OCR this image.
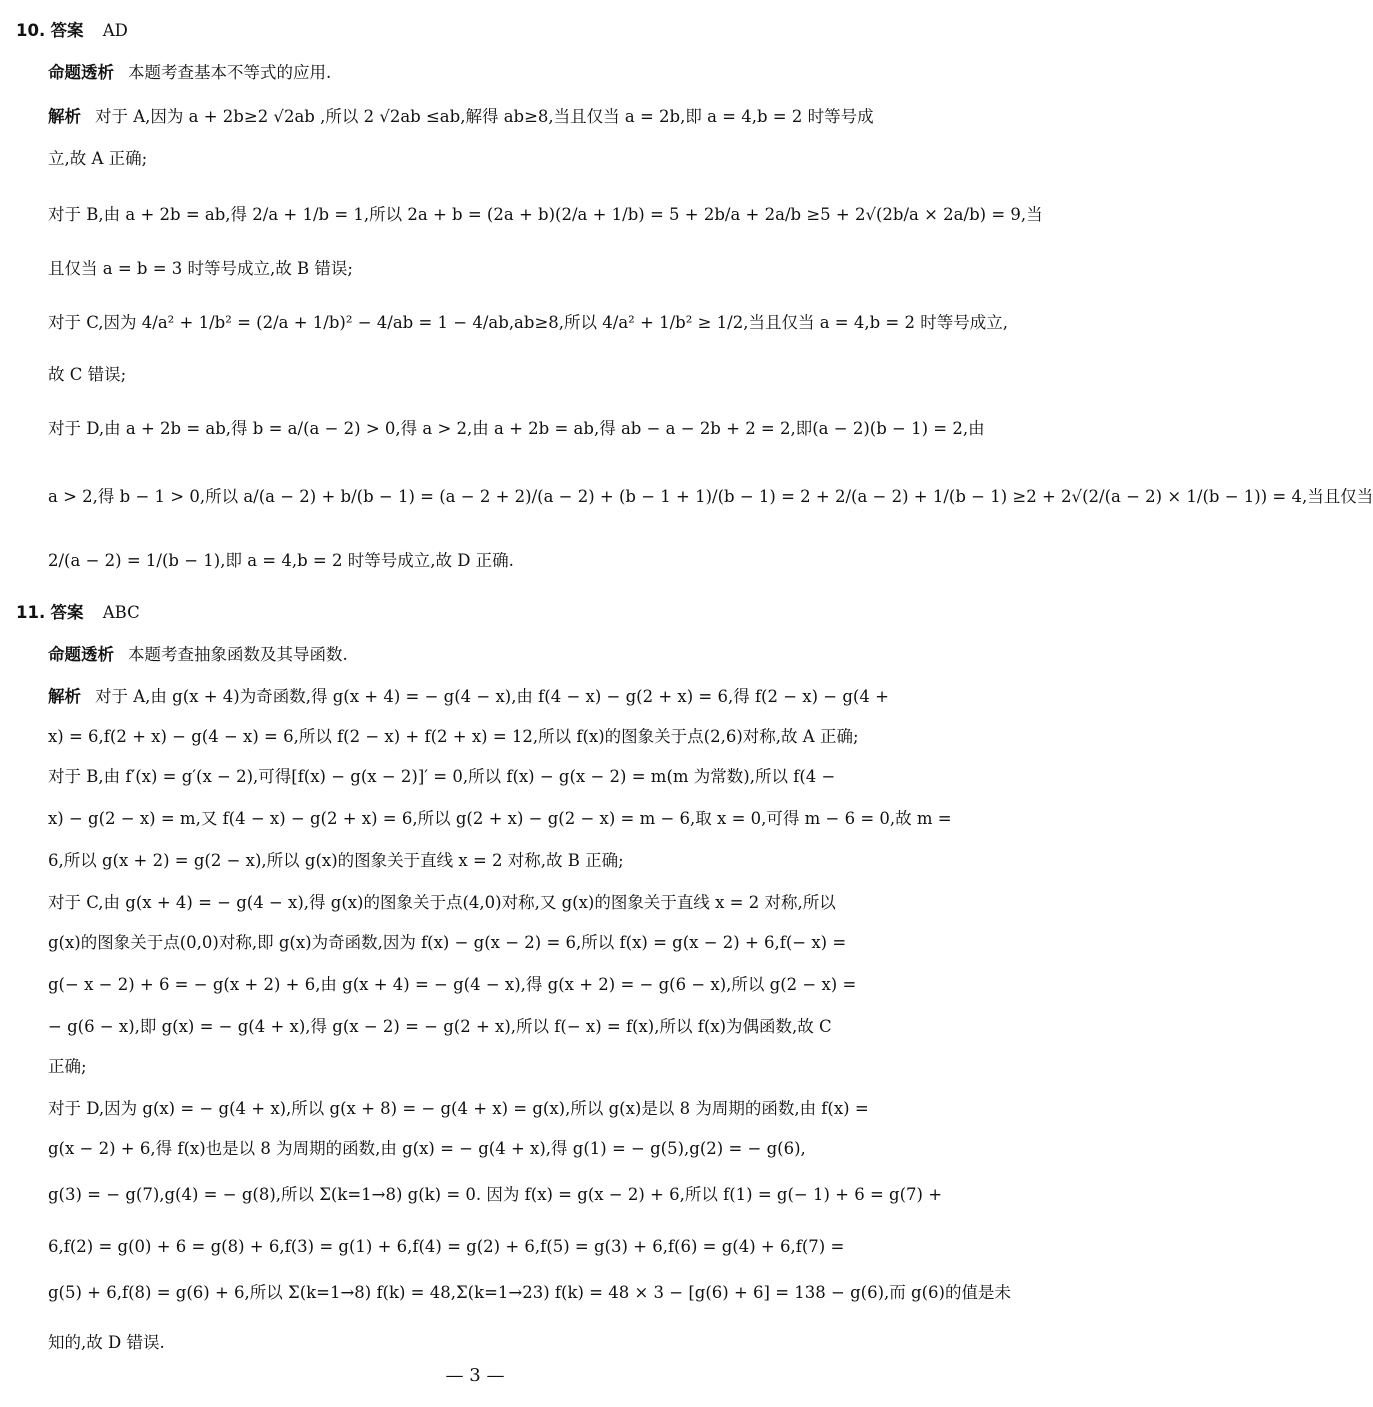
10. 答案 AD
命题透析 本题考查基本不等式的应用.
解析 对于 A,因为 a + 2b≥2 √2ab ,所以 2 √2ab ≤ab,解得 ab≥8,当且仅当 a = 2b,即 a = 4,b = 2 时等号成
立,故 A 正确;
对于 B,由 a + 2b = ab,得 2/a + 1/b = 1,所以 2a + b = (2a + b)(2/a + 1/b) = 5 + 2b/a + 2a/b ≥5 + 2√(2b/a × 2a/b) = 9,当
且仅当 a = b = 3 时等号成立,故 B 错误;
对于 C,因为 4/a² + 1/b² = (2/a + 1/b)² − 4/ab = 1 − 4/ab,ab≥8,所以 4/a² + 1/b² ≥ 1/2,当且仅当 a = 4,b = 2 时等号成立,
故 C 错误;
对于 D,由 a + 2b = ab,得 b = a/(a − 2) > 0,得 a > 2,由 a + 2b = ab,得 ab − a − 2b + 2 = 2,即(a − 2)(b − 1) = 2,由
a > 2,得 b − 1 > 0,所以 a/(a − 2) + b/(b − 1) = (a − 2 + 2)/(a − 2) + (b − 1 + 1)/(b − 1) = 2 + 2/(a − 2) + 1/(b − 1) ≥2 + 2√(2/(a − 2) × 1/(b − 1)) = 4,当且仅当
2/(a − 2) = 1/(b − 1),即 a = 4,b = 2 时等号成立,故 D 正确.
11. 答案 ABC
命题透析 本题考查抽象函数及其导函数.
解析 对于 A,由 g(x + 4)为奇函数,得 g(x + 4) = − g(4 − x),由 f(4 − x) − g(2 + x) = 6,得 f(2 − x) − g(4 +
x) = 6,f(2 + x) − g(4 − x) = 6,所以 f(2 − x) + f(2 + x) = 12,所以 f(x)的图象关于点(2,6)对称,故 A 正确;
对于 B,由 f′(x) = g′(x − 2),可得[f(x) − g(x − 2)]′ = 0,所以 f(x) − g(x − 2) = m(m 为常数),所以 f(4 −
x) − g(2 − x) = m,又 f(4 − x) − g(2 + x) = 6,所以 g(2 + x) − g(2 − x) = m − 6,取 x = 0,可得 m − 6 = 0,故 m =
6,所以 g(x + 2) = g(2 − x),所以 g(x)的图象关于直线 x = 2 对称,故 B 正确;
对于 C,由 g(x + 4) = − g(4 − x),得 g(x)的图象关于点(4,0)对称,又 g(x)的图象关于直线 x = 2 对称,所以
g(x)的图象关于点(0,0)对称,即 g(x)为奇函数,因为 f(x) − g(x − 2) = 6,所以 f(x) = g(x − 2) + 6,f(− x) =
g(− x − 2) + 6 = − g(x + 2) + 6,由 g(x + 4) = − g(4 − x),得 g(x + 2) = − g(6 − x),所以 g(2 − x) =
− g(6 − x),即 g(x) = − g(4 + x),得 g(x − 2) = − g(2 + x),所以 f(− x) = f(x),所以 f(x)为偶函数,故 C
正确;
对于 D,因为 g(x) = − g(4 + x),所以 g(x + 8) = − g(4 + x) = g(x),所以 g(x)是以 8 为周期的函数,由 f(x) =
g(x − 2) + 6,得 f(x)也是以 8 为周期的函数,由 g(x) = − g(4 + x),得 g(1) = − g(5),g(2) = − g(6),
g(3) = − g(7),g(4) = − g(8),所以 Σ(k=1→8) g(k) = 0. 因为 f(x) = g(x − 2) + 6,所以 f(1) = g(− 1) + 6 = g(7) +
6,f(2) = g(0) + 6 = g(8) + 6,f(3) = g(1) + 6,f(4) = g(2) + 6,f(5) = g(3) + 6,f(6) = g(4) + 6,f(7) =
g(5) + 6,f(8) = g(6) + 6,所以 Σ(k=1→8) f(k) = 48,Σ(k=1→23) f(k) = 48 × 3 − [g(6) + 6] = 138 − g(6),而 g(6)的值是未
知的,故 D 错误.
— 3 —
